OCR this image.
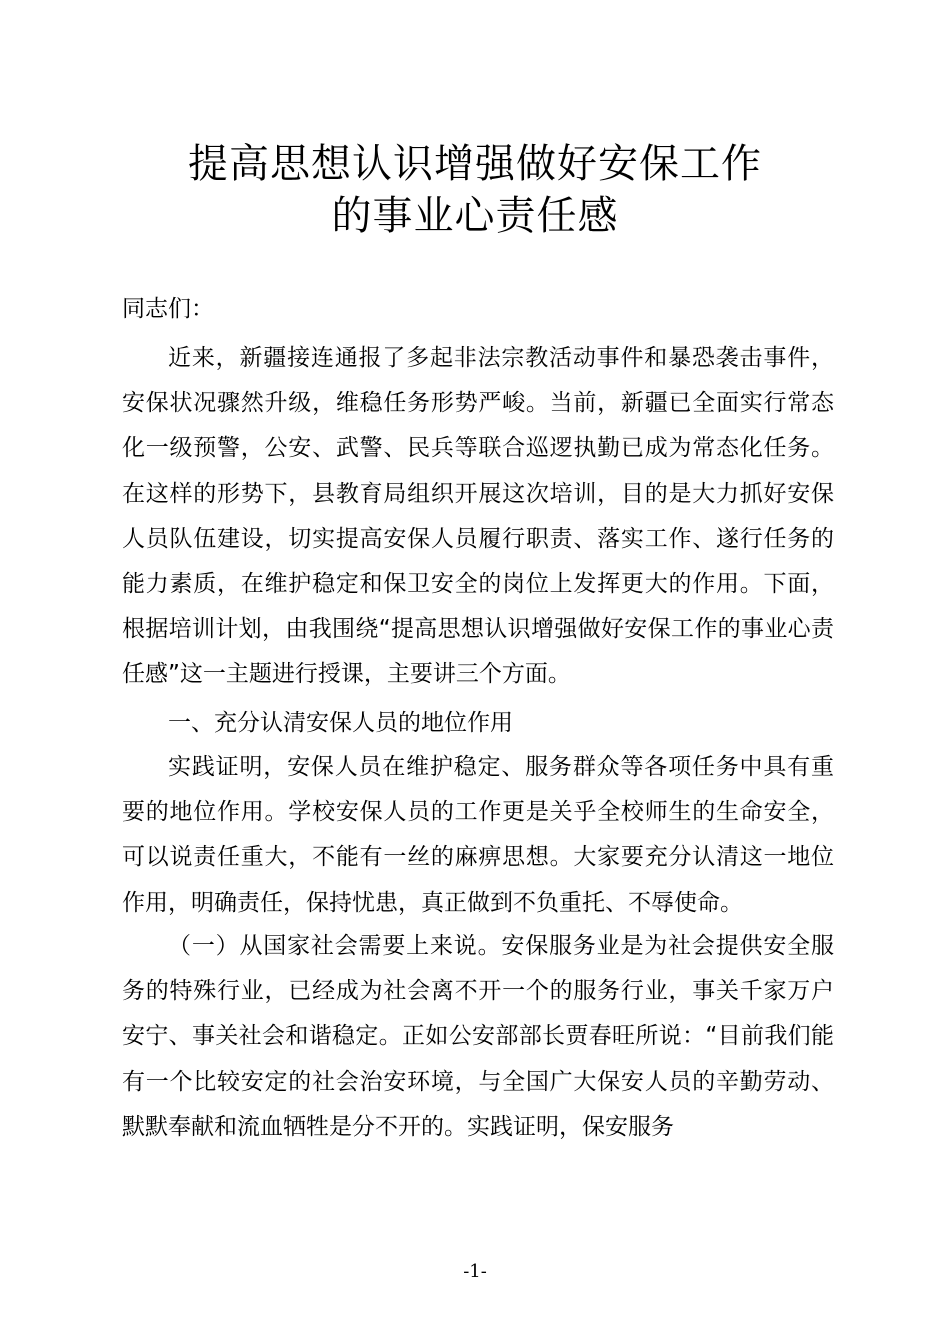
提高思想认识增强做好安保工作
的事业心责任感
同志们：

近来，新疆接连通报了多起非法宗教活动事件和暴恐袭击事件，安保状况骤然升级，维稳任务形势严峻。当前，新疆已全面实行常态化一级预警，公安、武警、民兵等联合巡逻执勤已成为常态化任务。在这样的形势下，县教育局组织开展这次培训，目的是大力抓好安保人员队伍建设，切实提高安保人员履行职责、落实工作、遂行任务的能力素质，在维护稳定和保卫安全的岗位上发挥更大的作用。下面，根据培训计划，由我围绕“提高思想认识增强做好安保工作的事业心责任感”这一主题进行授课，主要讲三个方面。

一、充分认清安保人员的地位作用

实践证明，安保人员在维护稳定、服务群众等各项任务中具有重要的地位作用。学校安保人员的工作更是关乎全校师生的生命安全，可以说责任重大，不能有一丝的麻痹思想。大家要充分认清这一地位作用，明确责任，保持忧患，真正做到不负重托、不辱使命。

（一）从国家社会需要上来说。安保服务业是为社会提供安全服务的特殊行业，已经成为社会离不开一个的服务行业，事关千家万户安宁、事关社会和谐稳定。正如公安部部长贾春旺所说：“目前我们能有一个比较安定的社会治安环境，与全国广大保安人员的辛勤劳动、默默奉献和流血牺牲是分不开的。实践证明，保安服务

-1-
